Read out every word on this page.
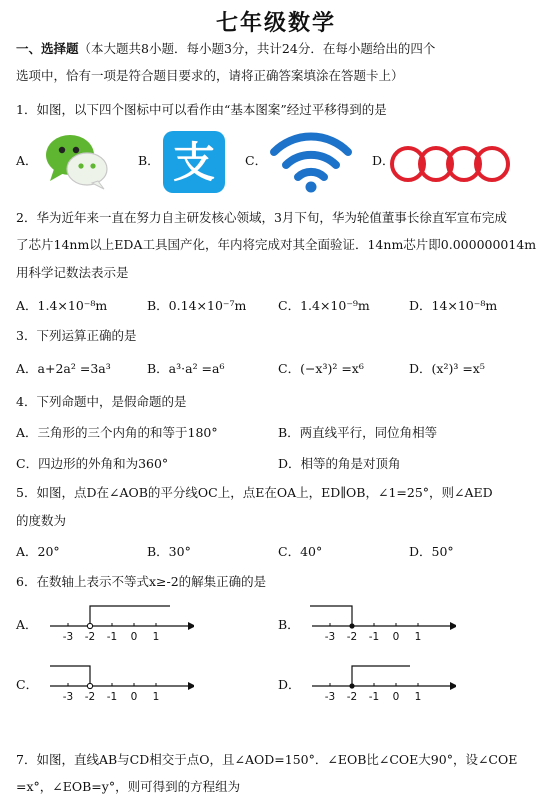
七年级数学
一、选择题（本大题共8小题．每小题3分，共计24分．在每小题给出的四个
选项中，恰有一项是符合题目要求的，请将正确答案填涂在答题卡上）
1．如图，以下四个图标中可以看作由“基本图案”经过平移得到的是
A．	B． 支 C．	D．
2．华为近年来一直在努力自主研发核心领域，3月下旬，华为轮值董事长徐直军宣布完成
了芯片14nm以上EDA工具国产化，年内将完成对其全面验证．14nm芯片即0.000000014m
用科学记数法表示是
A．1.4×10⁻⁸m	B．0.14×10⁻⁷m	C．1.4×10⁻⁹m	D．14×10⁻⁸m
3．下列运算正确的是
A．a+2a² =3a³	B．a³·a² =a⁶	C．(−x³)² =x⁶	D．(x²)³ =x⁵
4．下列命题中，是假命题的是
A．三角形的三个内角的和等于180°	B．两直线平行，同位角相等
C．四边形的外角和为360°	D．相等的角是对顶角
5．如图，点D在∠AOB的平分线OC上，点E在OA上，ED∥OB，∠1=25°，则∠AED
的度数为
A．20°	B．30°	C．40°	D．50°
6．在数轴上表示不等式x≥-2的解集正确的是
A．
-3 -2 -1 0 1
B．
-3 -2 -1 0 1
C．
-3 -2 -1 0 1
D．
-3 -2 -1 0 1
7．如图，直线AB与CD相交于点O，且∠AOD=150°．∠EOB比∠COE大90°，设∠COE
=x°，∠EOB=y°，则可得到的方程组为
